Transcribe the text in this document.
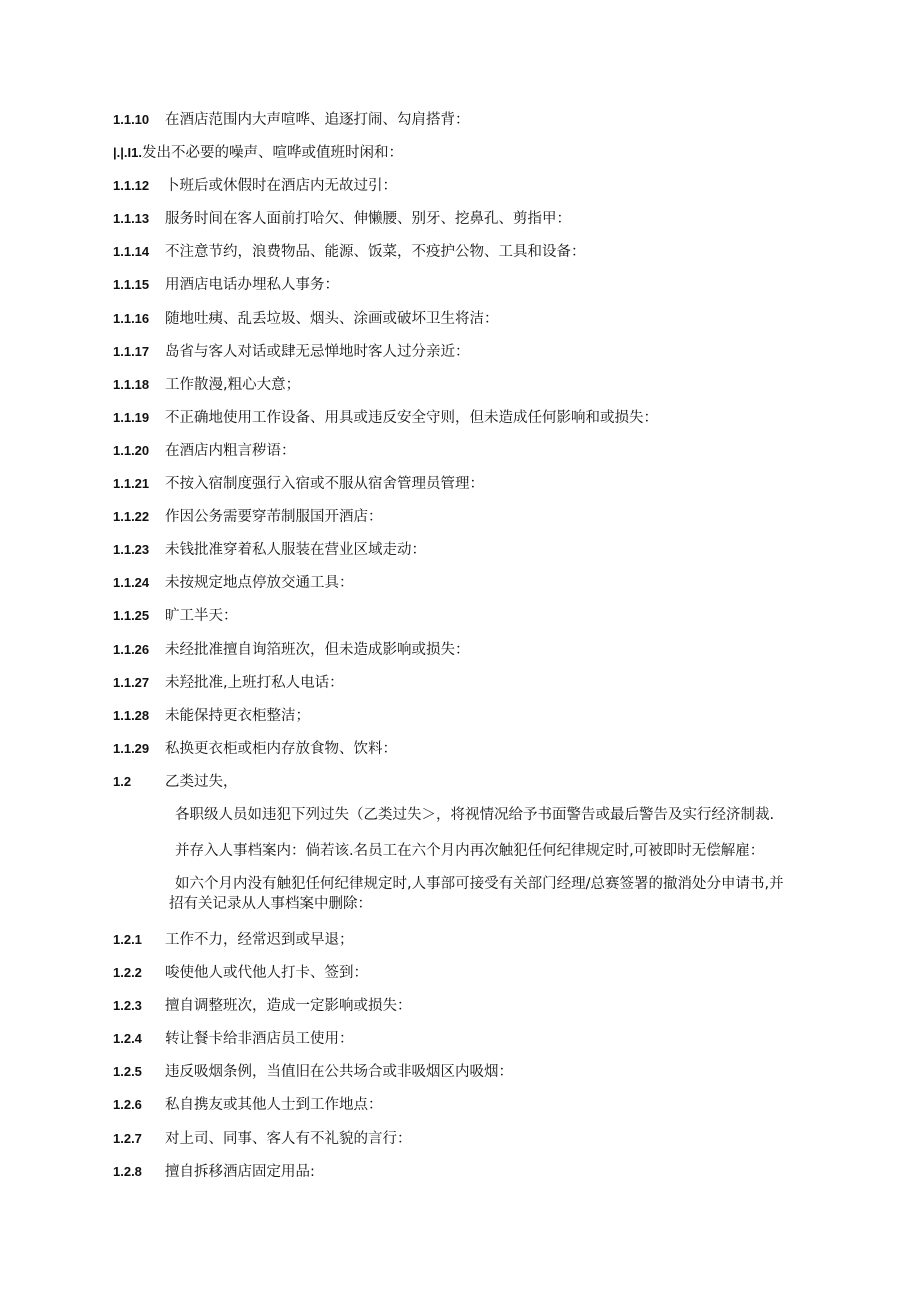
1.1.10	在酒店范围内大声喧哗、追逐打闹、勾肩搭背：
|.|.I1. 发出不必要的噪声、喧哗或值班时闲和：
1.1.12	卜班后或休假时在酒店内无故过引：
1.1.13	服务时间在客人面前打哈欠、伸懒腰、别牙、挖鼻孔、剪指甲：
1.1.14	不注意节约，浪费物品、能源、饭菜，不疫护公物、工具和设备：
1.1.15	用酒店电话办埋私人事务：
1.1.16	随地吐痍、乱丢垃圾、烟头、涂画或破坏卫生将洁：
1.1.17	岛省与客人对话或肆无忌惮地时客人过分亲近：
1.1.18	工作散漫,粗心大意；
1.1.19	不正确地使用工作设备、用具或违反安全守则，但未造成任何影响和或损失：
1.1.20	在酒店内粗言秽语：
1.1.21	不按入宿制度强行入宿或不服从宿舍管理员管理：
1.1.22	作因公务需要穿芾制服国开酒店：
1.1.23	未钱批准穿着私人服装在营业区域走动：
1.1.24	未按规定地点停放交通工具：
1.1.25	旷工半天：
1.1.26	未经批准擅自询箔班次，但未造成影响或损失：
1.1.27	未羟批准,上班打私人电话：
1.1.28	未能保持更衣柜整洁；
1.1.29	私换更衣柜或柜内存放食物、饮料：
1.2	乙类过失，
各职级人员如违犯下列过失（乙类过失＞，将视情况给予书面警告或最后警告及实行经济制裁.
并存入人事档案内：倘若该.名员工在六个月内再次触犯任何纪律规定时,可被即时无偿解雇：
如六个月内没有触犯任何纪律规定时,人事部可接受有关部门经理/总赛签署的撤消处分申请书,并
招有关记录从人事档案中删除：
1.2.1	工作不力，经常迟到或早退；
1.2.2	唆使他人或代他人打卡、签到：
1.2.3	擅自调整班次，造成一定影响或损失：
1.2.4	转让餐卡给非酒店员工使用：
1.2.5	违反吸烟条例，当值旧在公共场合或非吸烟区内吸烟：
1.2.6	私自携友或其他人士到工作地点：
1.2.7	对上司、同事、客人有不礼貌的言行：
1.2.8	擅自拆移酒店固定用品:
